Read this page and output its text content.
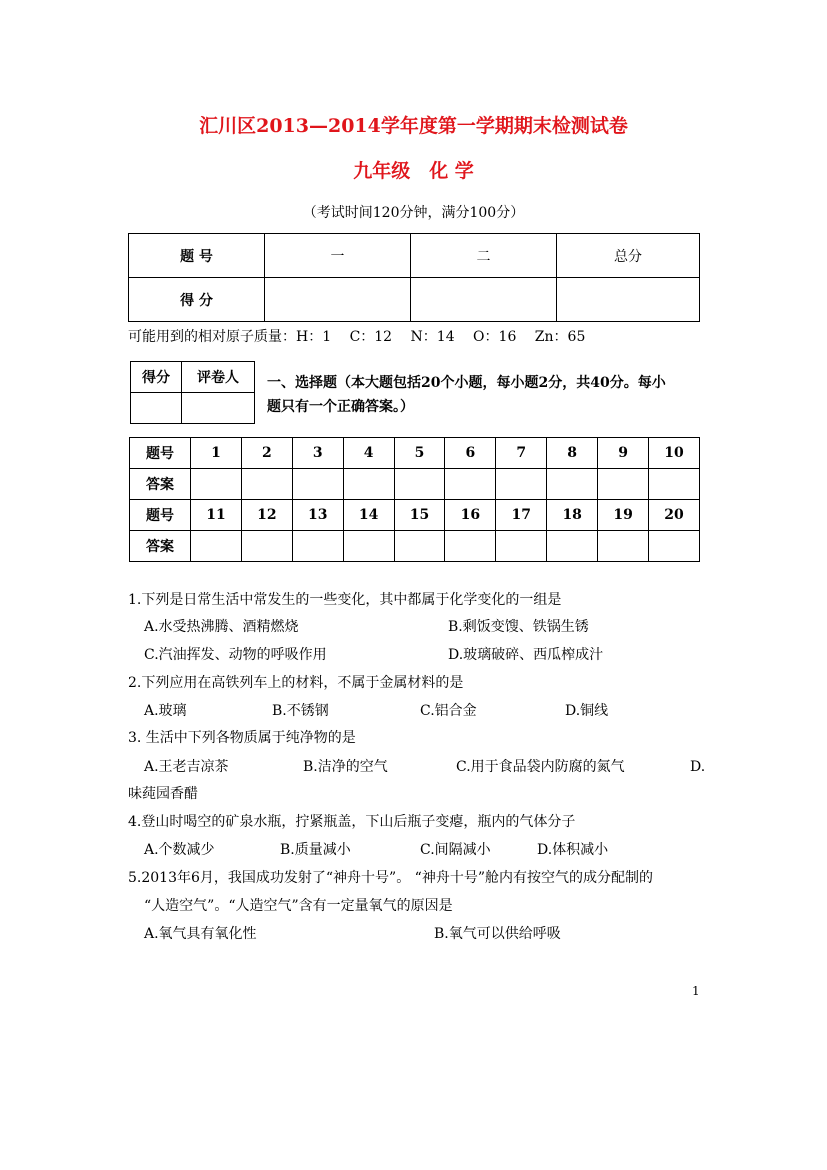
汇川区2013—2014学年度第一学期期末检测试卷
九年级　化 学
（考试时间120分钟，满分100分）
题 号	一	二	总分
得 分			
可能用到的相对原子质量：H：1　 C：12　 N：14　 O：16　 Zn：65
得分	评卷人
	一、选择题（本大题包括20个小题，每小题2分，共40分。每小
题只有一个正确答案。）
题号	1	2	3	4	5	6	7	8	9	10
答案										
题号	11	12	13	14	15	16	17	18	19	20
答案										
1.下列是日常生活中常发生的一些变化，其中都属于化学变化的一组是
A.水受热沸腾、酒精燃烧	B.剩饭变馊、铁锅生锈
C.汽油挥发、动物的呼吸作用	D.玻璃破碎、西瓜榨成汁
2.下列应用在高铁列车上的材料，不属于金属材料的是
A.玻璃	B.不锈钢	C.铝合金	D.铜线
3. 生活中下列各物质属于纯净物的是
A.王老吉凉茶	B.洁净的空气	C.用于食品袋内防腐的氮气	D.
味莼园香醋
4.登山时喝空的矿泉水瓶，拧紧瓶盖，下山后瓶子变瘪，瓶内的气体分子
A.个数减少	B.质量减小	C.间隔减小	D.体积减小
5.2013年6月，我国成功发射了“神舟十号”。 “神舟十号”舱内有按空气的成分配制的
“人造空气”。“人造空气”含有一定量氧气的原因是
A.氧气具有氧化性	B.氧气可以供给呼吸
1
